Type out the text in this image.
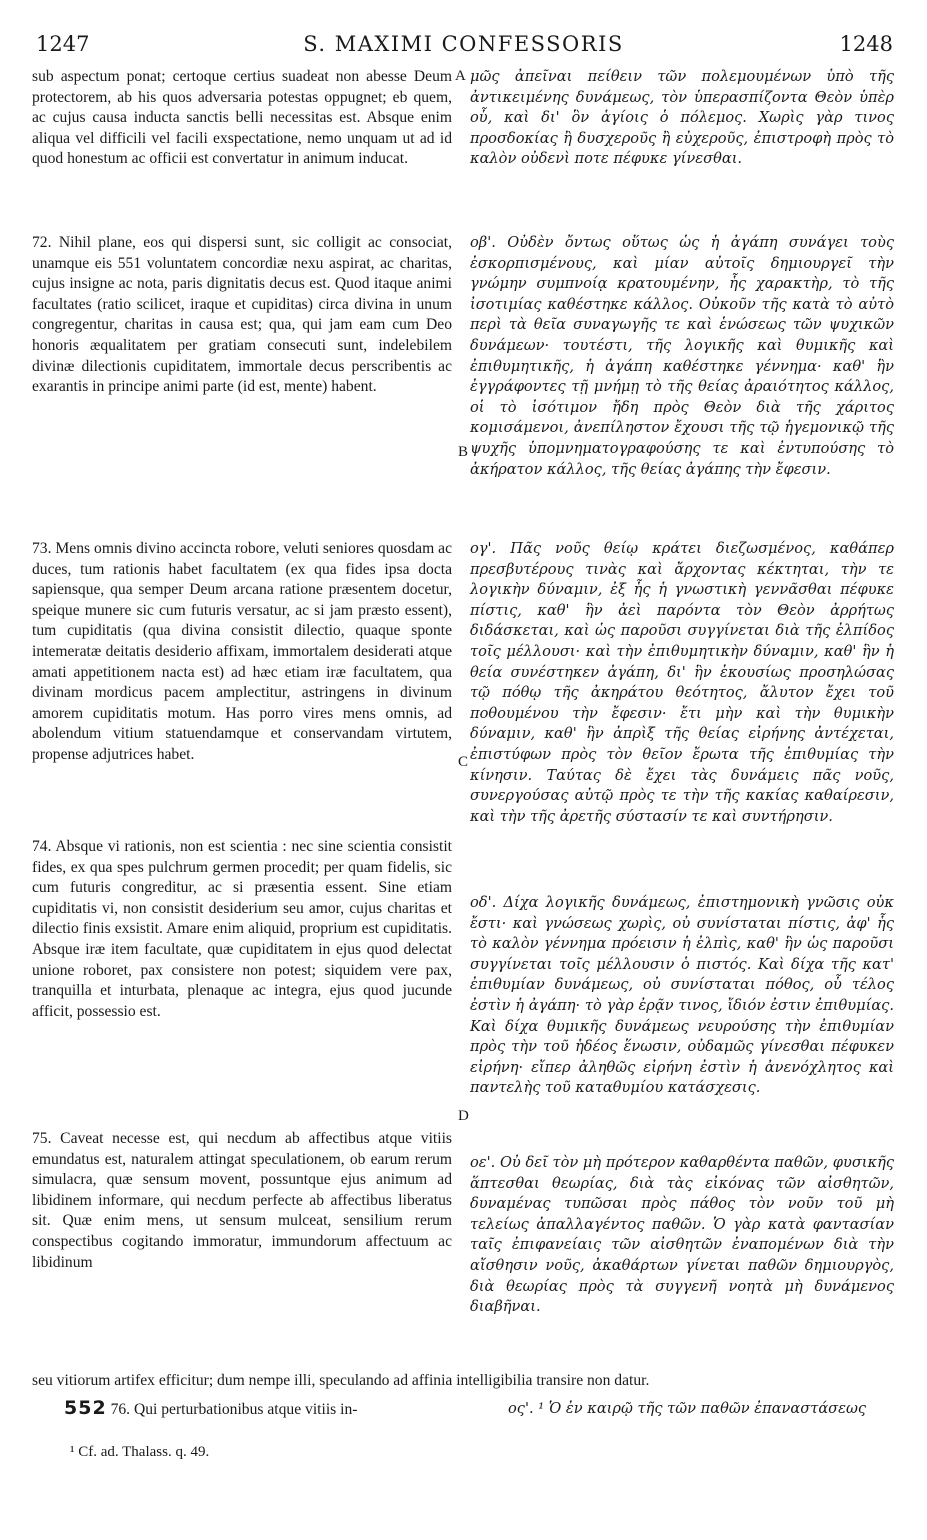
1247	S. MAXIMI CONFESSORIS	1248

sub aspectum ponat; certoque certius suadeat non abesse Deum protectorem, ab his quos adversaria potestas oppugnet; eb quem, ac cujus causa inducta sanctis belli necessitas est. Absque enim aliqua vel difficili vel facili exspectatione, nemo unquam ut ad id quod honestum ac officii est convertatur in animum inducat.

72. Nihil plane, eos qui dispersi sunt, sic colligit ac consociat, unamque eis 551 voluntatem concordiæ nexu aspirat, ac charitas, cujus insigne ac nota, paris dignitatis decus est. Quod itaque animi facultates (ratio scilicet, iraque et cupiditas) circa divina in unum congregentur, charitas in causa est; qua, qui jam eam cum Deo honoris æqualitatem per gratiam consecuti sunt, indelebilem divinæ dilectionis cupiditatem, immortale decus perscribentis ac exarantis in principe animi parte (id est, mente) habent.

73. Mens omnis divino accincta robore, veluti seniores quosdam ac duces, tum rationis habet facultatem (ex qua fides ipsa docta sapiensque, qua semper Deum arcana ratione præsentem docetur, speique munere sic cum futuris versatur, ac si jam præsto essent), tum cupiditatis (qua divina consistit dilectio, quaque sponte intemeratæ deitatis desiderio affixam, immortalem desiderati atque amati appetitionem nacta est) ad hæc etiam iræ facultatem, qua divinam mordicus pacem amplectitur, astringens in divinum amorem cupiditatis motum. Has porro vires mens omnis, ad abolendum vitium statuendamque et conservandam virtutem, propense adjutrices habet.

74. Absque vi rationis, non est scientia : nec sine scientia consistit fides, ex qua spes pulchrum germen procedit; per quam fidelis, sic cum futuris congreditur, ac si præsentia essent. Sine etiam cupiditatis vi, non consistit desiderium seu amor, cujus charitas et dilectio finis exsistit. Amare enim aliquid, proprium est cupiditatis. Absque iræ item facultate, quæ cupiditatem in ejus quod delectat unione roboret, pax consistere non potest; siquidem vere pax, tranquilla et inturbata, plenaque ac integra, ejus quod jucunde afficit, possessio est.

75. Caveat necesse est, qui necdum ab affectibus atque vitiis emundatus est, naturalem attingat speculationem, ob earum rerum simulacra, quæ sensum movent, possuntque ejus animum ad libidinem informare, qui necdum perfecte ab affectibus liberatus sit. Quæ enim mens, ut sensum mulceat, sensilium rerum conspectibus cogitando immoratur, immundorum affectuum ac libidinum

seu vitiorum artifex efficitur; dum nempe illi, speculando ad affinia intelligibilia transire non datur.
552 76. Qui perturbationibus atque vitiis in-

μῶς ἀπεῖναι πείθειν τῶν πολεμουμένων ὑπὸ τῆς ἀντικειμένης δυνάμεως, τὸν ὑπερασπίζοντα Θεὸν ὑπὲρ οὗ, καὶ δι' ὃν ἁγίοις ὁ πόλεμος. Χωρὶς γὰρ τινος προσδοκίας ἢ δυσχεροῦς ἢ εὐχεροῦς, ἐπιστροφὴ πρὸς τὸ καλὸν οὐδενὶ ποτε πέφυκε γίνεσθαι.

οβ'. Οὐδὲν ὄντως οὕτως ὡς ἡ ἀγάπη συνάγει τοὺς ἐσκορπισμένους, καὶ μίαν αὐτοῖς δημιουργεῖ τὴν γνώμην συμπνοίᾳ κρατουμένην, ἧς χαρακτὴρ, τὸ τῆς ἰσοτιμίας καθέστηκε κάλλος. Οὐκοῦν τῆς κατὰ τὸ αὐτὸ περὶ τὰ θεῖα συναγωγῆς τε καὶ ἑνώσεως τῶν ψυχικῶν δυνάμεων· τουτέστι, τῆς λογικῆς καὶ θυμικῆς καὶ ἐπιθυμητικῆς, ἡ ἀγάπη καθέστηκε γέννημα· καθ' ἣν ἐγγράφοντες τῇ μνήμῃ τὸ τῆς θείας ἀραιότητος κάλλος, οἱ τὸ ἰσότιμον ἤδη πρὸς Θεὸν διὰ τῆς χάριτος κομισάμενοι, ἀνεπίληστον ἔχουσι τῆς τῷ ἡγεμονικῷ τῆς ψυχῆς ὑπομνηματογραφούσης τε καὶ ἐντυπούσης τὸ ἀκήρατον κάλλος, τῆς θείας ἀγάπης τὴν ἔφεσιν.

ογ'. Πᾶς νοῦς θείῳ κράτει διεζωσμένος, καθάπερ πρεσβυτέρους τινὰς καὶ ἄρχοντας κέκτηται, τὴν τε λογικὴν δύναμιν, ἐξ ἧς ἡ γνωστικὴ γεννᾶσθαι πέφυκε πίστις, καθ' ἣν ἀεὶ παρόντα τὸν Θεὸν ἀρρήτως διδάσκεται, καὶ ὡς παροῦσι συγγίνεται διὰ τῆς ἐλπίδος τοῖς μέλλουσι· καὶ τὴν ἐπιθυμητικὴν δύναμιν, καθ' ἣν ἡ θεία συνέστηκεν ἀγάπη, δι' ἣν ἑκουσίως προσηλώσας τῷ πόθῳ τῆς ἀκηράτου θεότητος, ἄλυτον ἔχει τοῦ ποθουμένου τὴν ἔφεσιν· ἔτι μὴν καὶ τὴν θυμικὴν δύναμιν, καθ' ἣν ἀπρὶξ τῆς θείας εἰρήνης ἀντέχεται, ἐπιστύφων πρὸς τὸν θεῖον ἔρωτα τῆς ἐπιθυμίας τὴν κίνησιν. Ταύτας δὲ ἔχει τὰς δυνάμεις πᾶς νοῦς, συνεργούσας αὐτῷ πρὸς τε τὴν τῆς κακίας καθαίρεσιν, καὶ τὴν τῆς ἀρετῆς σύστασίν τε καὶ συντήρησιν.

οδ'. Δίχα λογικῆς δυνάμεως, ἐπιστημονικὴ γνῶσις οὐκ ἔστι· καὶ γνώσεως χωρὶς, οὐ συνίσταται πίστις, ἀφ' ἧς τὸ καλὸν γέννημα πρόεισιν ἡ ἐλπὶς, καθ' ἣν ὡς παροῦσι συγγίνεται τοῖς μέλλουσιν ὁ πιστός. Καὶ δίχα τῆς κατ' ἐπιθυμίαν δυνάμεως, οὐ συνίσταται πόθος, οὗ τέλος ἐστὶν ἡ ἀγάπη· τὸ γὰρ ἐρᾷν τινος, ἴδιόν ἐστιν ἐπιθυμίας. Καὶ δίχα θυμικῆς δυνάμεως νευρούσης τὴν ἐπιθυμίαν πρὸς τὴν τοῦ ἡδέος ἕνωσιν, οὐδαμῶς γίνεσθαι πέφυκεν εἰρήνη· εἴπερ ἀληθῶς εἰρήνη ἐστὶν ἡ ἀνενόχλητος καὶ παντελὴς τοῦ καταθυμίου κατάσχεσις.

οε'. Οὐ δεῖ τὸν μὴ πρότερον καθαρθέντα παθῶν, φυσικῆς ἅπτεσθαι θεωρίας, διὰ τὰς εἰκόνας τῶν αἰσθητῶν, δυναμένας τυπῶσαι πρὸς πάθος τὸν νοῦν τοῦ μὴ τελείως ἀπαλλαγέντος παθῶν. Ὁ γὰρ κατὰ φαντασίαν ταῖς ἐπιφανείαις τῶν αἰσθητῶν ἐναπομένων διὰ τὴν αἴσθησιν νοῦς, ἀκαθάρτων γίνεται παθῶν δημιουργὸς, διὰ θεωρίας πρὸς τὰ συγγενῆ νοητὰ μὴ δυνάμενος διαβῆναι.

ος'. ¹ Ὁ ἐν καιρῷ τῆς τῶν παθῶν ἐπαναστάσεως
A
B
C
D
¹ Cf. ad. Thalass. q. 49.
